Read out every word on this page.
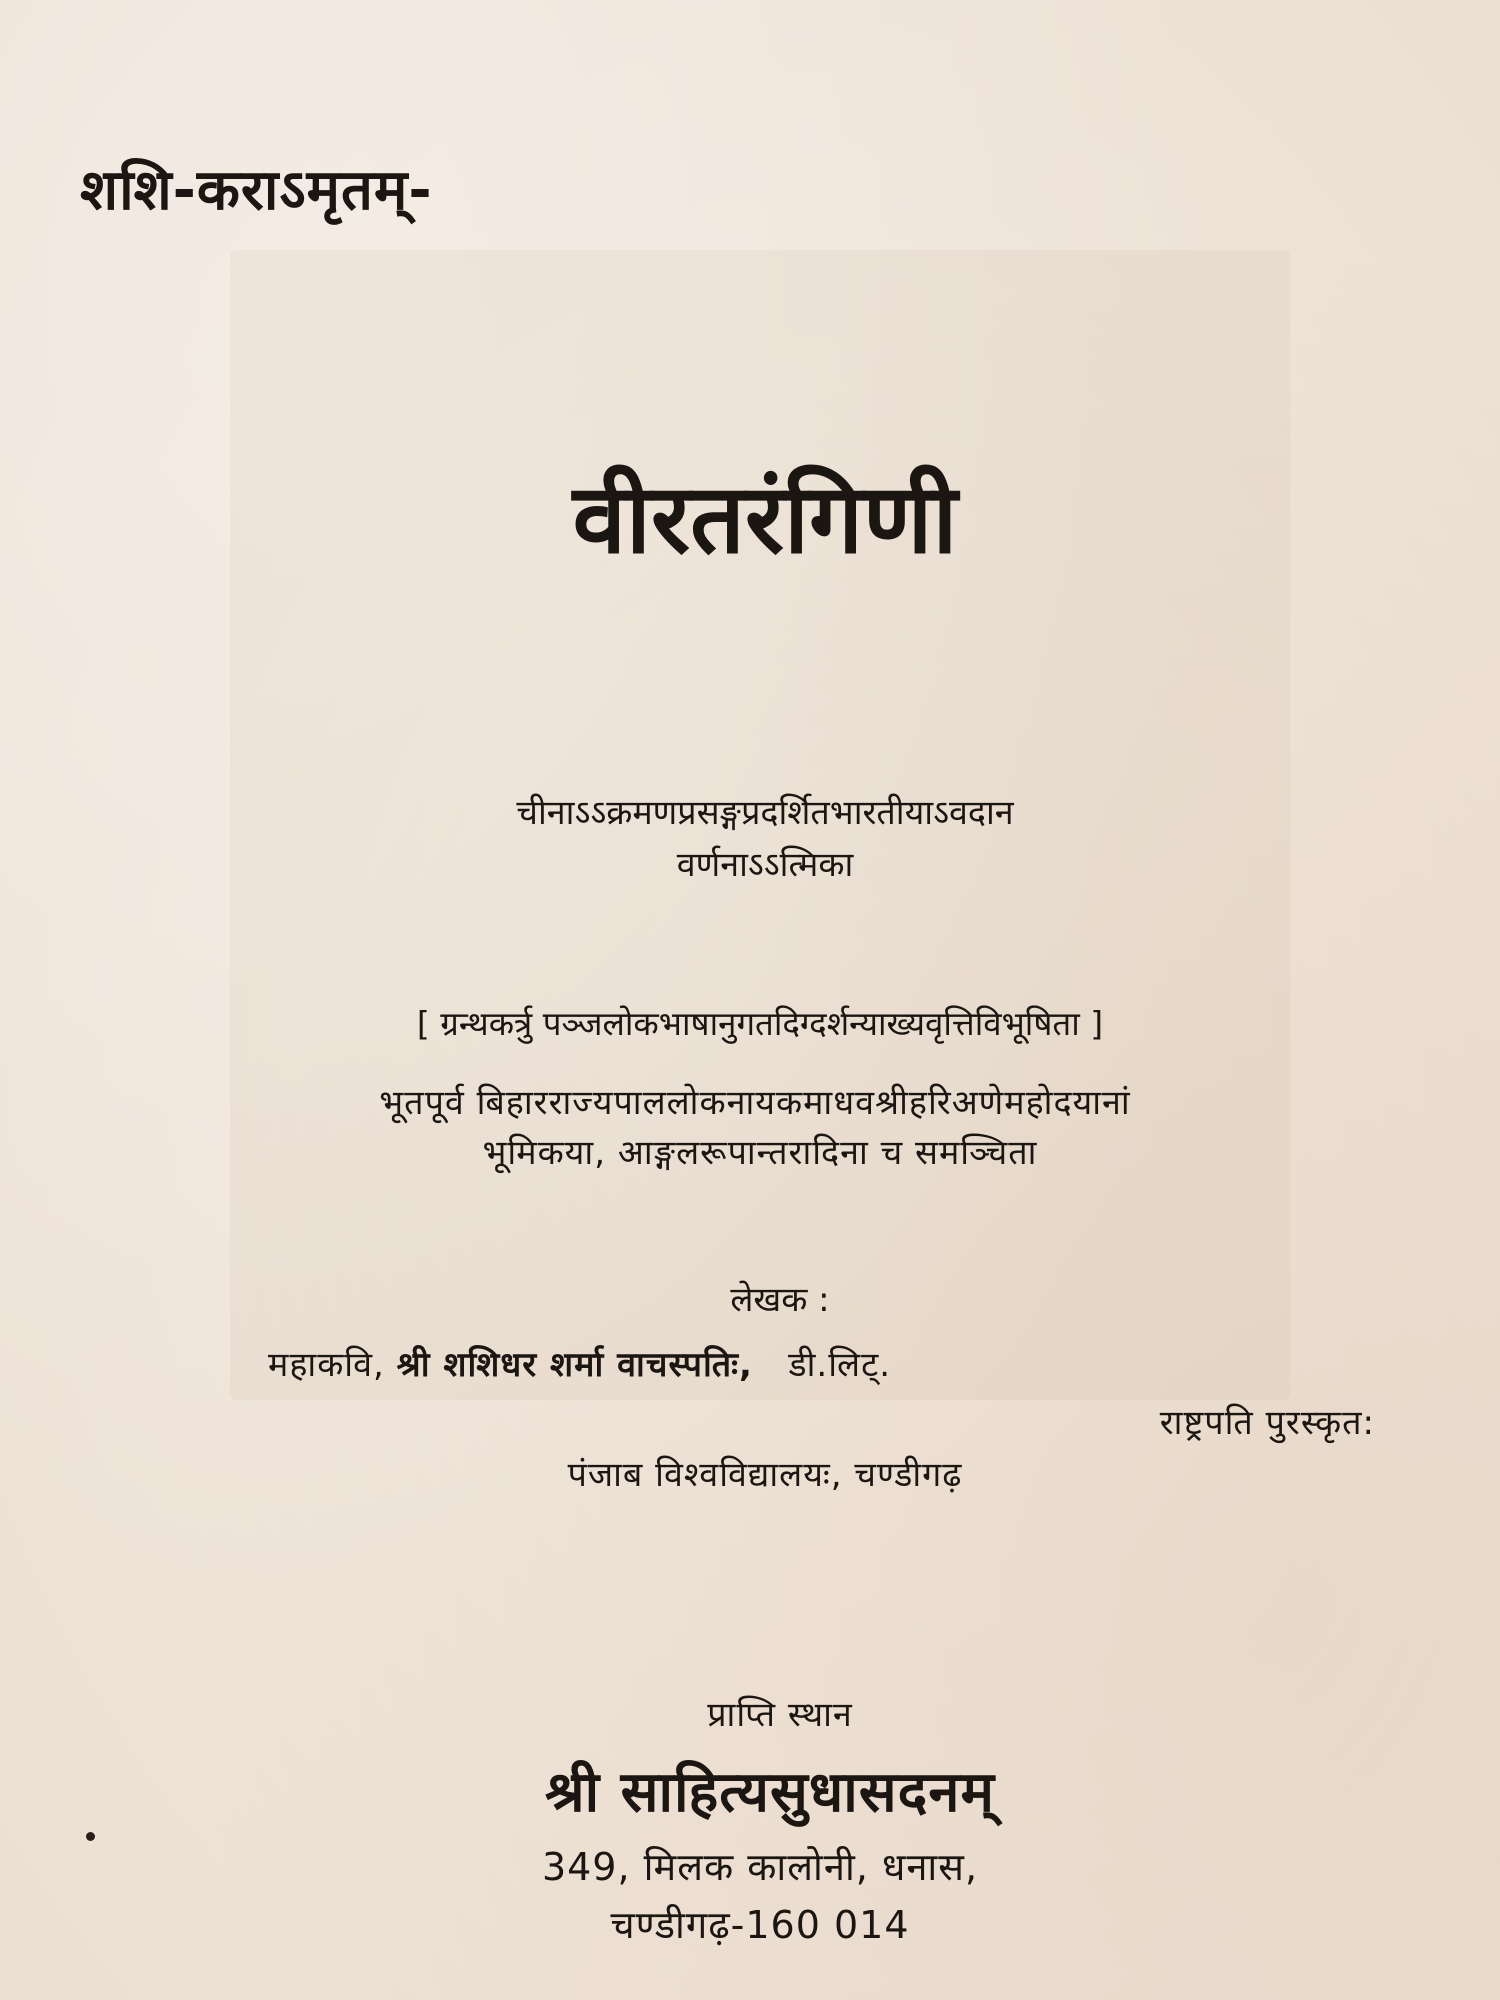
शशि-कराऽमृतम्-
वीरतरंगिणी
चीनाऽऽक्रमणप्रसङ्गप्रदर्शितभारतीयाऽवदान
वर्णनाऽऽत्मिका
[ ग्रन्थकर्त्रु पञ्जलोकभाषानुगतदिग्दर्शन्याख्यवृत्तिविभूषिता ]
भूतपूर्व बिहारराज्यपाललोकनायकमाधवश्रीहरिअणेमहोदयानां
भूमिकया, आङ्गलरूपान्तरादिना च समञ्चिता
लेखक :
महाकवि, श्री शशिधर शर्मा वाचस्पतिः, डी.लिट्.
राष्ट्रपति पुरस्कृत:
पंजाब विश्वविद्यालयः, चण्डीगढ़
प्राप्ति स्थान
श्री साहित्यसुधासदनम्
349, मिलक कालोनी, धनास,
चण्डीगढ़-160 014
